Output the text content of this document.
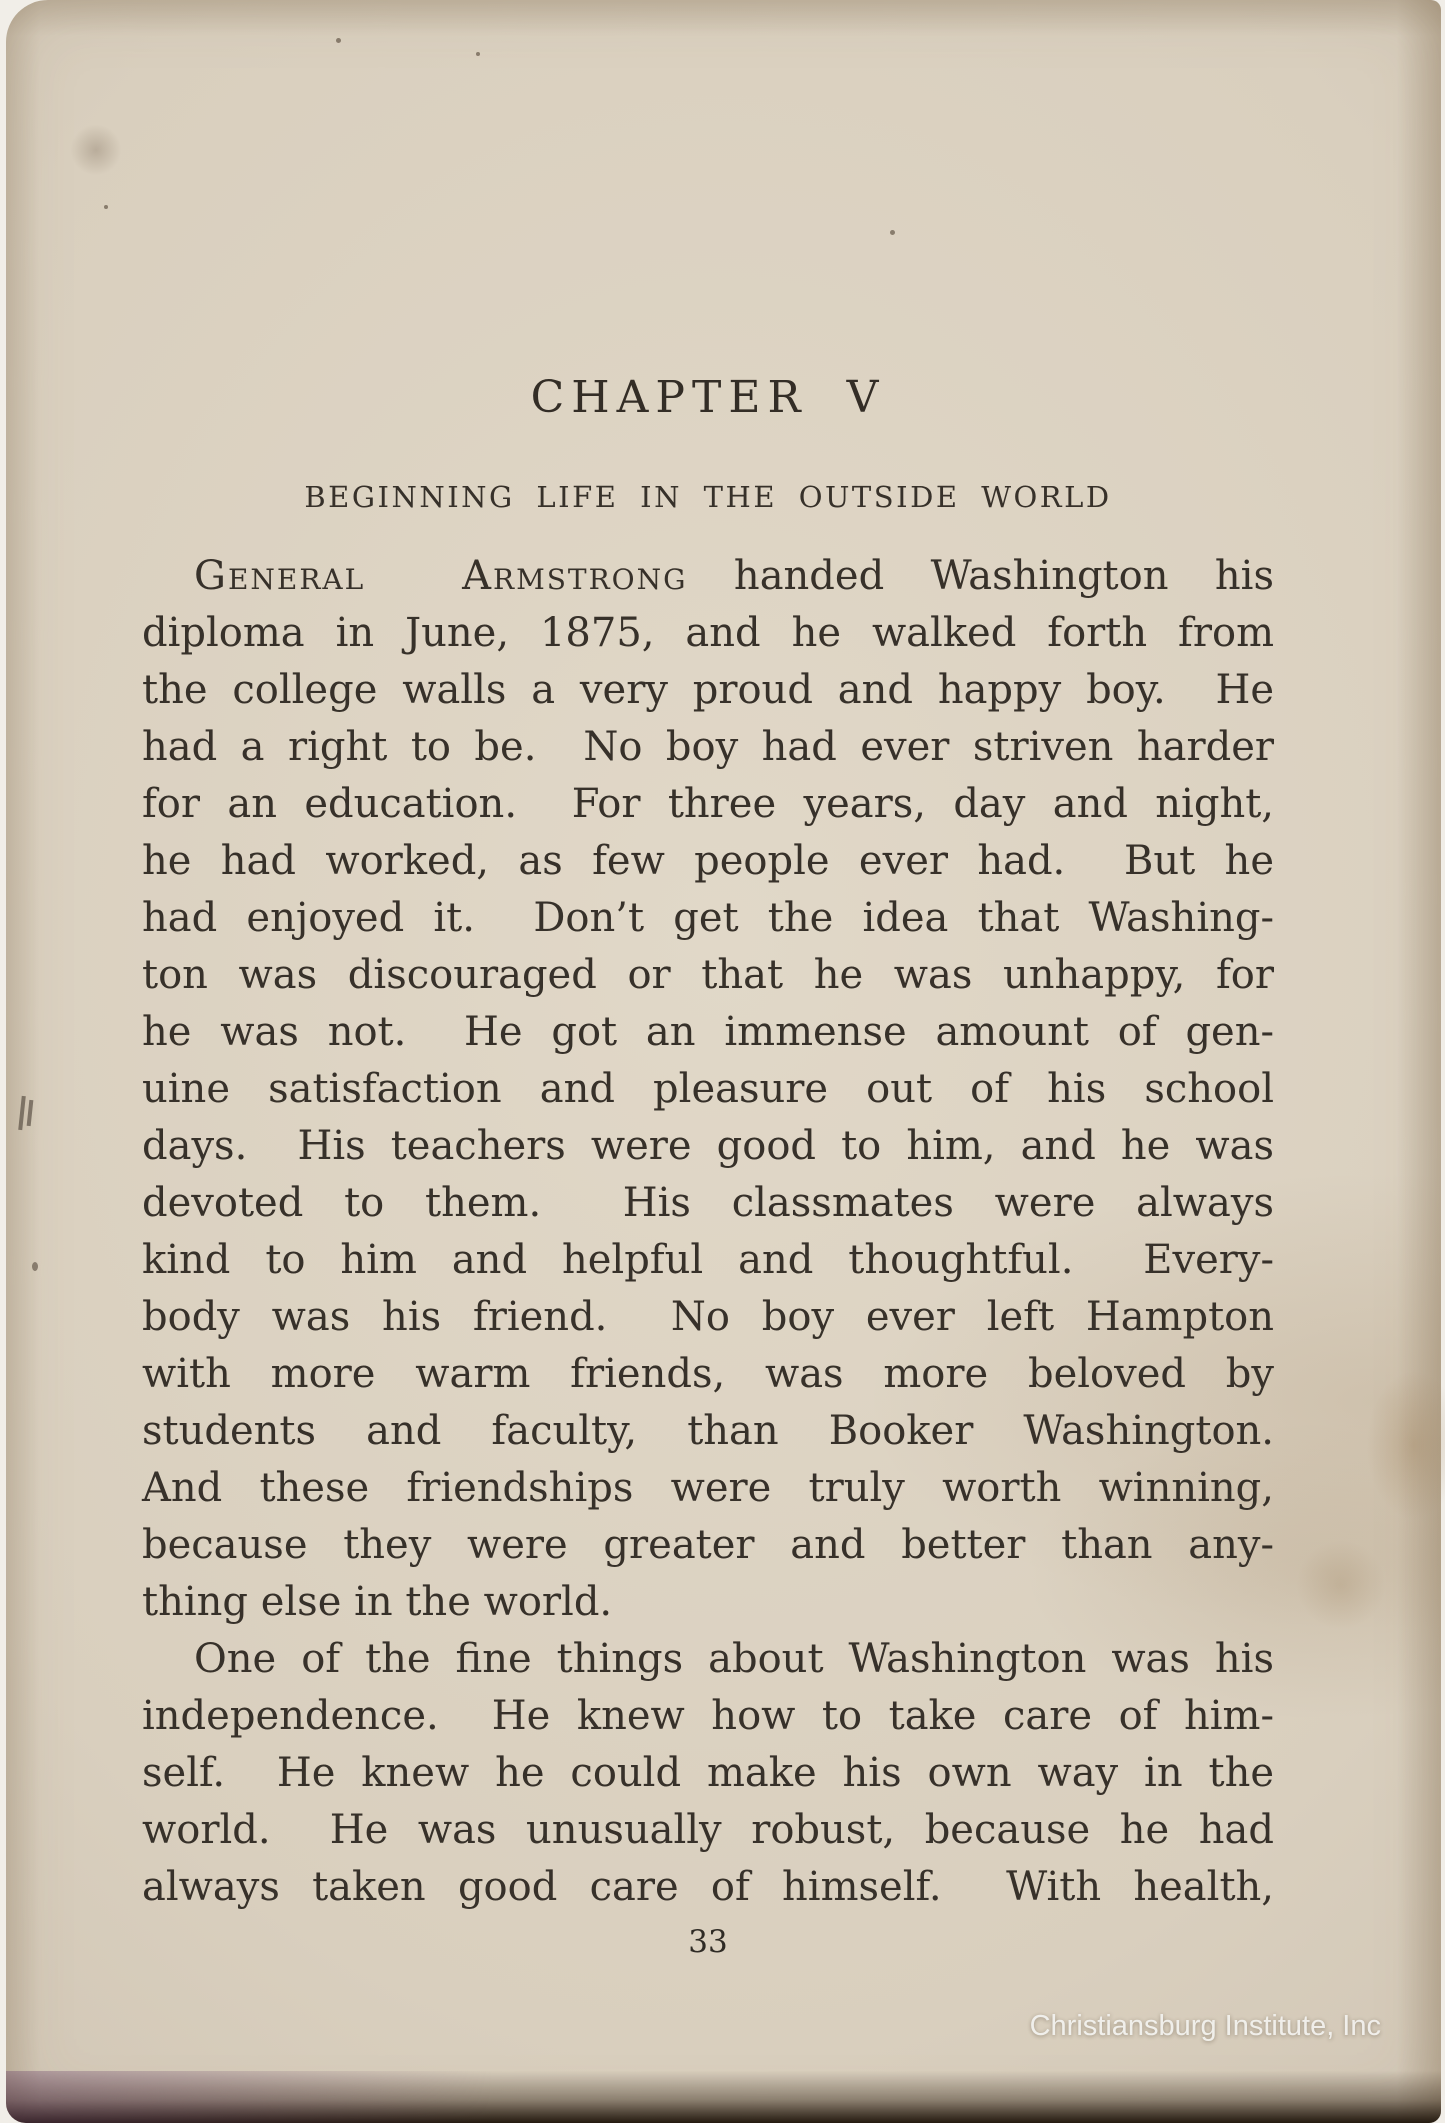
CHAPTER V
BEGINNING LIFE IN THE OUTSIDE WORLD
General  Armstrong handed Washington his
diploma in June, 1875, and he walked forth from
the college walls a very proud and happy boy.  He
had a right to be.  No boy had ever striven harder
for an education.  For three years, day and night,
he had worked, as few people ever had.  But he
had enjoyed it.  Don’t get the idea that Washing-
ton was discouraged or that he was unhappy, for
he was not.  He got an immense amount of gen-
uine satisfaction and pleasure out of his school
days.  His teachers were good to him, and he was
devoted to them.  His classmates were always
kind to him and helpful and thoughtful.  Every-
body was his friend.  No boy ever left Hampton
with more warm friends, was more beloved by
students and faculty, than Booker Washington.
And these friendships were truly worth winning,
because they were greater and better than any-
thing else in the world.
One of the fine things about Washington was his
independence.  He knew how to take care of him-
self.  He knew he could make his own way in the
world.  He was unusually robust, because he had
always taken good care of himself.  With health,
33
Christiansburg Institute, Inc
